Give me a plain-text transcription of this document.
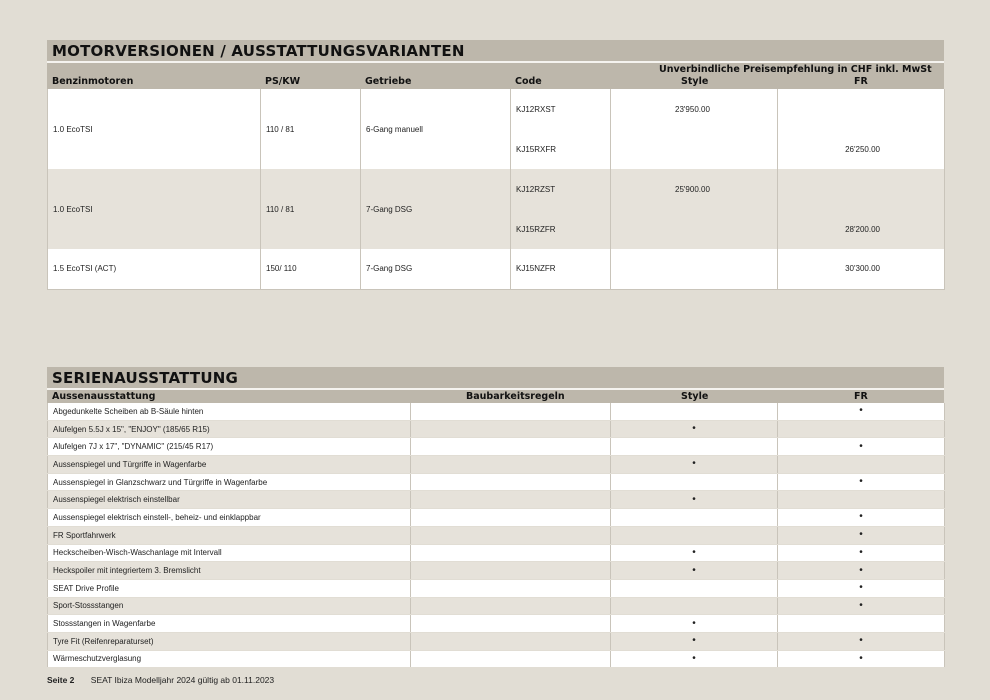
MOTORVERSIONEN / AUSSTATTUNGSVARIANTEN
Unverbindliche Preisempfehlung in CHF inkl. MwSt
Benzinmotoren	PS/KW	Getriebe	Code	Style	FR
1.0 EcoTSI	110 / 81	6-Gang manuell	KJ12RXST	23'950.00	
			KJ15RXFR		26'250.00
1.0 EcoTSI	110 / 81	7-Gang DSG	KJ12RZST	25'900.00	
			KJ15RZFR		28'200.00
1.5 EcoTSI (ACT)	150/ 110	7-Gang DSG	KJ15NZFR		30'300.00
SERIENAUSSTATTUNG
Aussenausstattung	Baubarkeitsregeln	Style	FR
Abgedunkelte Scheiben ab B-Säule hinten			•
Alufelgen 5.5J x 15", "ENJOY" (185/65 R15)		•	
Alufelgen 7J x 17", "DYNAMIC" (215/45 R17)			•
Aussenspiegel und Türgriffe in Wagenfarbe		•	
Aussenspiegel in Glanzschwarz und Türgriffe in Wagenfarbe			•
Aussenspiegel elektrisch einstellbar		•	
Aussenspiegel elektrisch einstell-, beheiz- und einklappbar			•
FR Sportfahrwerk			•
Heckscheiben-Wisch-Waschanlage mit Intervall		•	•
Heckspoiler mit integriertem 3. Bremslicht		•	•
SEAT Drive Profile			•
Sport-Stossstangen			•
Stossstangen in Wagenfarbe		•	
Tyre Fit (Reifenreparaturset)		•	•
Wärmeschutzverglasung		•	•
Seite 2 SEAT Ibiza Modelljahr 2024 gültig ab 01.11.2023
